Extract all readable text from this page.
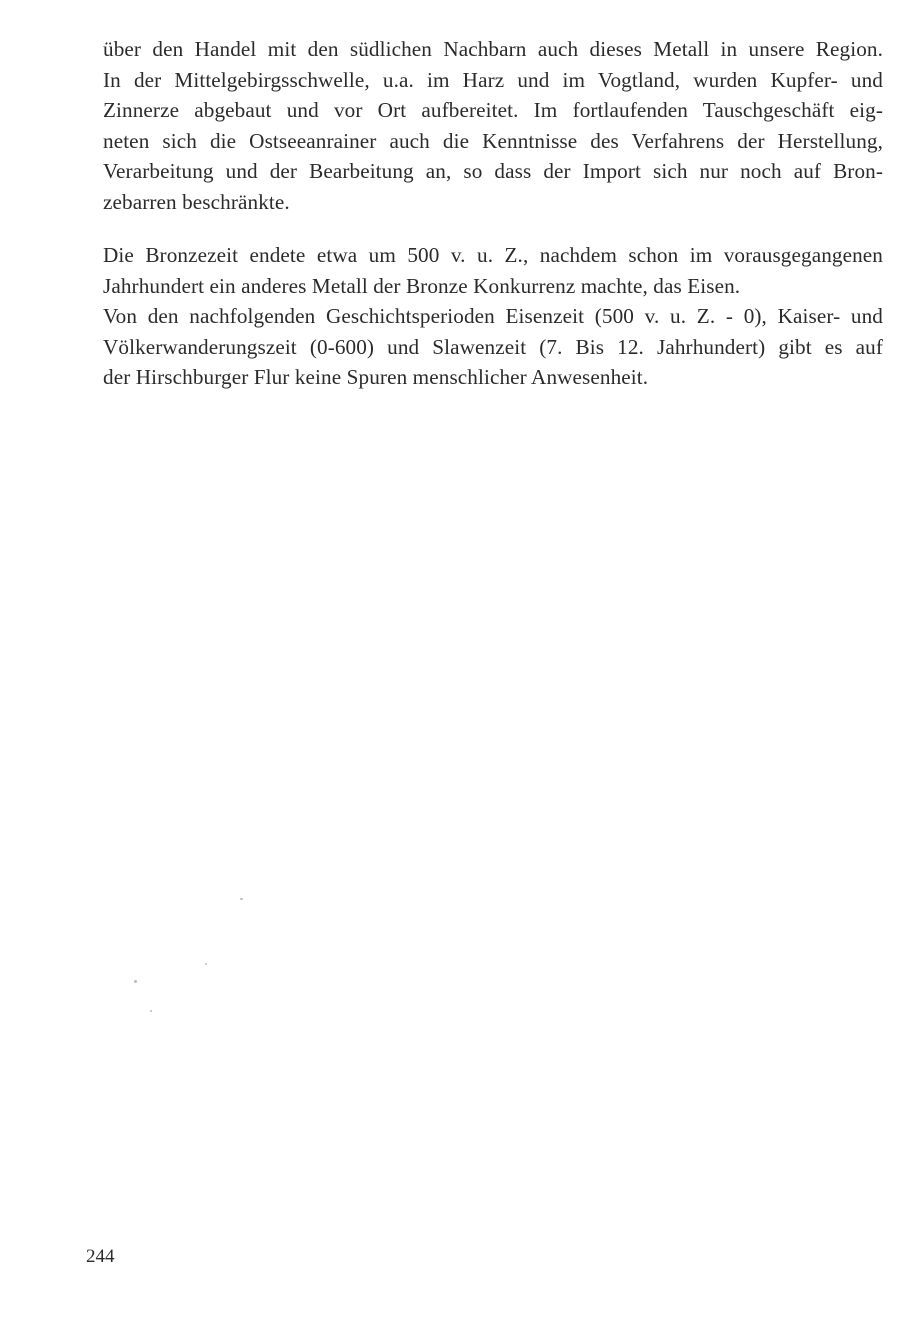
über den Handel mit den südlichen Nachbarn auch dieses Metall in unsere Region.
In der Mittelgebirgsschwelle, u.a. im Harz und im Vogtland, wurden Kupfer- und
Zinnerze abgebaut und vor Ort aufbereitet. Im fortlaufenden Tauschgeschäft eig-
neten sich die Ostseeanrainer auch die Kenntnisse des Verfahrens der Herstellung,
Verarbeitung und der Bearbeitung an, so dass der Import sich nur noch auf Bron-
zebarren beschränkte.
Die Bronzezeit endete etwa um 500 v. u. Z., nachdem schon im vorausgegangenen
Jahrhundert ein anderes Metall der Bronze Konkurrenz machte, das Eisen.
Von den nachfolgenden Geschichtsperioden Eisenzeit (500 v. u. Z. - 0), Kaiser- und
Völkerwanderungszeit (0-600) und Slawenzeit (7. Bis 12. Jahrhundert) gibt es auf
der Hirschburger Flur keine Spuren menschlicher Anwesenheit.
244
